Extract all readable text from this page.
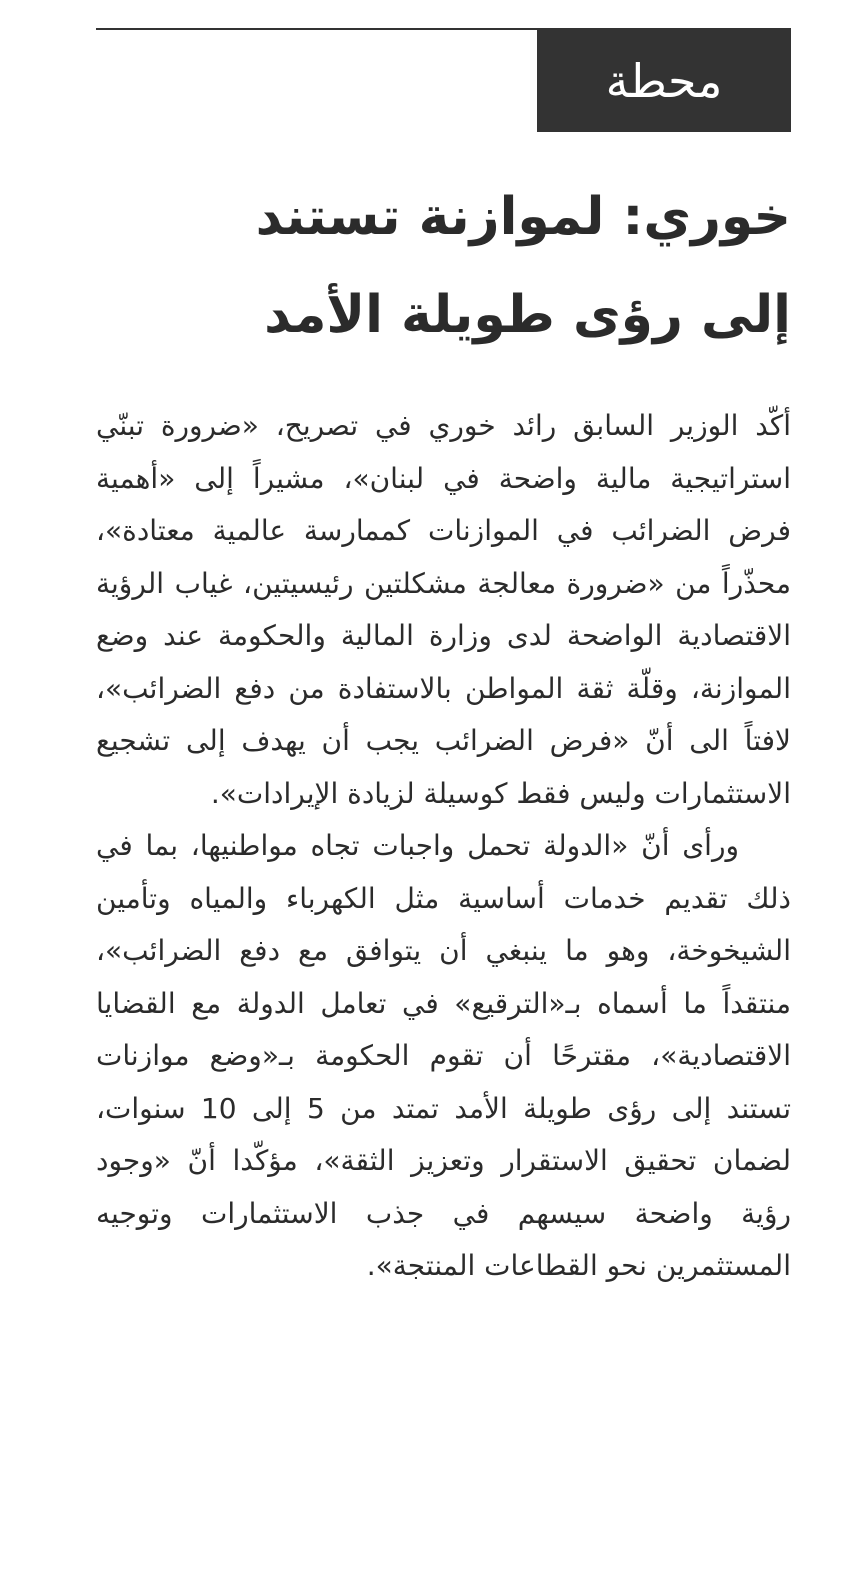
محطة
خوري: لموازنة تستند
إلى رؤى طويلة الأمد

أكّد الوزير السابق رائد خوري في تصريح، «ضرورة تبنّي استراتيجية مالية واضحة في لبنان»، مشيراً إلى «أهمية فرض الضرائب في الموازنات كممارسة عالمية معتادة»، محذّراً من «ضرورة معالجة مشكلتين رئيسيتين، غياب الرؤية الاقتصادية الواضحة لدى وزارة المالية والحكومة عند وضع الموازنة، وقلّة ثقة المواطن بالاستفادة من دفع الضرائب»، لافتاً الى أنّ «فرض الضرائب يجب أن يهدف إلى تشجيع الاستثمارات وليس فقط كوسيلة لزيادة الإيرادات».

ورأى أنّ «الدولة تحمل واجبات تجاه مواطنيها، بما في ذلك تقديم خدمات أساسية مثل الكهرباء والمياه وتأمين الشيخوخة، وهو ما ينبغي أن يتوافق مع دفع الضرائب»، منتقداً ما أسماه بـ«الترقيع» في تعامل الدولة مع القضايا الاقتصادية»، مقترحًا أن تقوم الحكومة بـ«وضع موازنات تستند إلى رؤى طويلة الأمد تمتد من 5 إلى 10 سنوات، لضمان تحقيق الاستقرار وتعزيز الثقة»، مؤكّدا أنّ «وجود رؤية واضحة سيسهم في جذب الاستثمارات وتوجيه المستثمرين نحو القطاعات المنتجة».
